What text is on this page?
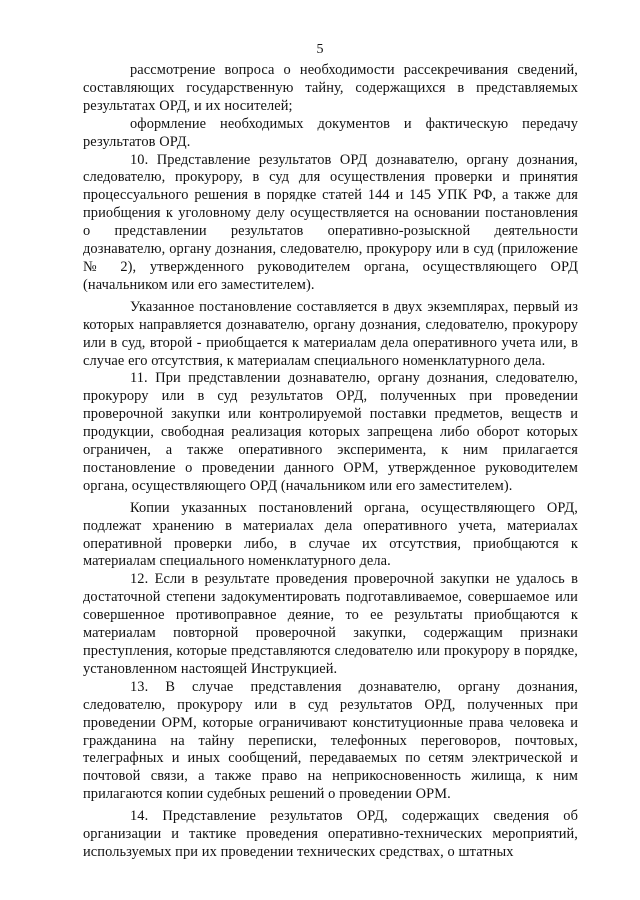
5

рассмотрение вопроса о необходимости рассекречивания сведений, составляющих государственную тайну, содержащихся в представляемых результатах ОРД, и их носителей;

оформление необходимых документов и фактическую передачу результатов ОРД.

10. Представление результатов ОРД дознавателю, органу дознания, следователю, прокурору, в суд для осуществления проверки и принятия процессуального решения в порядке статей 144 и 145 УПК РФ, а также для приобщения к уголовному делу осуществляется на основании постановления о представлении результатов оперативно-розыскной деятельности дознавателю, органу дознания, следователю, прокурору или в суд (приложение № 2), утвержденного руководителем органа, осуществляющего ОРД (начальником или его заместителем).

Указанное постановление составляется в двух экземплярах, первый из которых направляется дознавателю, органу дознания, следователю, прокурору или в суд, второй - приобщается к материалам дела оперативного учета или, в случае его отсутствия, к материалам специального номенклатурного дела.

11. При представлении дознавателю, органу дознания, следователю, прокурору или в суд результатов ОРД, полученных при проведении проверочной закупки или контролируемой поставки предметов, веществ и продукции, свободная реализация которых запрещена либо оборот которых ограничен, а также оперативного эксперимента, к ним прилагается постановление о проведении данного ОРМ, утвержденное руководителем органа, осуществляющего ОРД (начальником или его заместителем).

Копии указанных постановлений органа, осуществляющего ОРД, подлежат хранению в материалах дела оперативного учета, материалах оперативной проверки либо, в случае их отсутствия, приобщаются к материалам специального номенклатурного дела.

12. Если в результате проведения проверочной закупки не удалось в достаточной степени задокументировать подготавливаемое, совершаемое или совершенное противоправное деяние, то ее результаты приобщаются к материалам повторной проверочной закупки, содержащим признаки преступления, которые представляются следователю или прокурору в порядке, установленном настоящей Инструкцией.

13. В случае представления дознавателю, органу дознания, следователю, прокурору или в суд результатов ОРД, полученных при проведении ОРМ, которые ограничивают конституционные права человека и гражданина на тайну переписки, телефонных переговоров, почтовых, телеграфных и иных сообщений, передаваемых по сетям электрической и почтовой связи, а также право на неприкосновенность жилища, к ним прилагаются копии судебных решений о проведении ОРМ.

14. Представление результатов ОРД, содержащих сведения об организации и тактике проведения оперативно-технических мероприятий, используемых при их проведении технических средствах, о штатных
